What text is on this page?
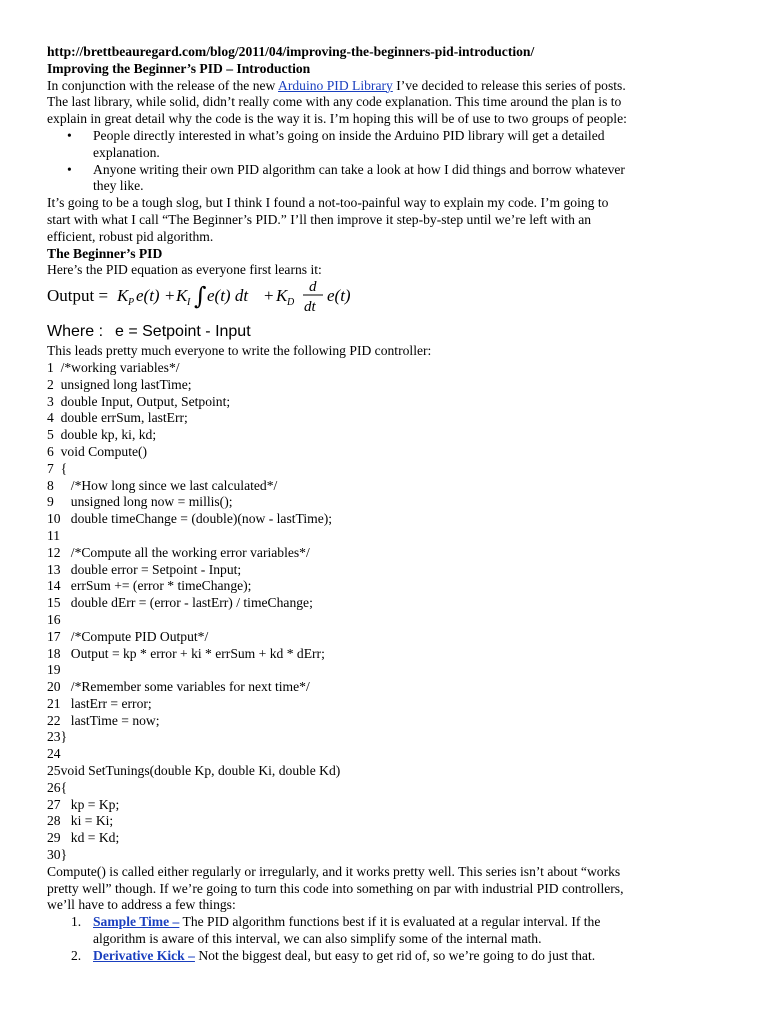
http://brettbeauregard.com/blog/2011/04/improving-the-beginners-pid-introduction/
Improving the Beginner’s PID – Introduction
In conjunction with the release of the new Arduino PID Library I’ve decided to release this series of posts.
The last library, while solid, didn’t really come with any code explanation. This time around the plan is to
explain in great detail why the code is the way it is. I’m hoping this will be of use to two groups of people:
• People directly interested in what’s going on inside the Arduino PID library will get a detailed
explanation.
• Anyone writing their own PID algorithm can take a look at how I did things and borrow whatever
they like.
It’s going to be a tough slog, but I think I found a not-too-painful way to explain my code. I’m going to
start with what I call “The Beginner’s PID.” I’ll then improve it step-by-step until we’re left with an
efficient, robust pid algorithm.
The Beginner’s PID
Here’s the PID equation as everyone first learns it:
Output = K P e(t) + K I ∫ e(t) dt + K D
d
dt
e(t)
Where : e = Setpoint - Input
This leads pretty much everyone to write the following PID controller:
1  /*working variables*/
2  unsigned long lastTime;
3  double Input, Output, Setpoint;
4  double errSum, lastErr;
5  double kp, ki, kd;
6  void Compute()
7  {
8     /*How long since we last calculated*/
9     unsigned long now = millis();
10   double timeChange = (double)(now - lastTime);
11
12   /*Compute all the working error variables*/
13   double error = Setpoint - Input;
14   errSum += (error * timeChange);
15   double dErr = (error - lastErr) / timeChange;
16
17   /*Compute PID Output*/
18   Output = kp * error + ki * errSum + kd * dErr;
19
20   /*Remember some variables for next time*/
21   lastErr = error;
22   lastTime = now;
23}
24
25void SetTunings(double Kp, double Ki, double Kd)
26{
27   kp = Kp;
28   ki = Ki;
29   kd = Kd;
30}
Compute() is called either regularly or irregularly, and it works pretty well. This series isn’t about “works
pretty well” though. If we’re going to turn this code into something on par with industrial PID controllers,
we’ll have to address a few things:
1. Sample Time – The PID algorithm functions best if it is evaluated at a regular interval. If the
algorithm is aware of this interval, we can also simplify some of the internal math.
2. Derivative Kick – Not the biggest deal, but easy to get rid of, so we’re going to do just that.
